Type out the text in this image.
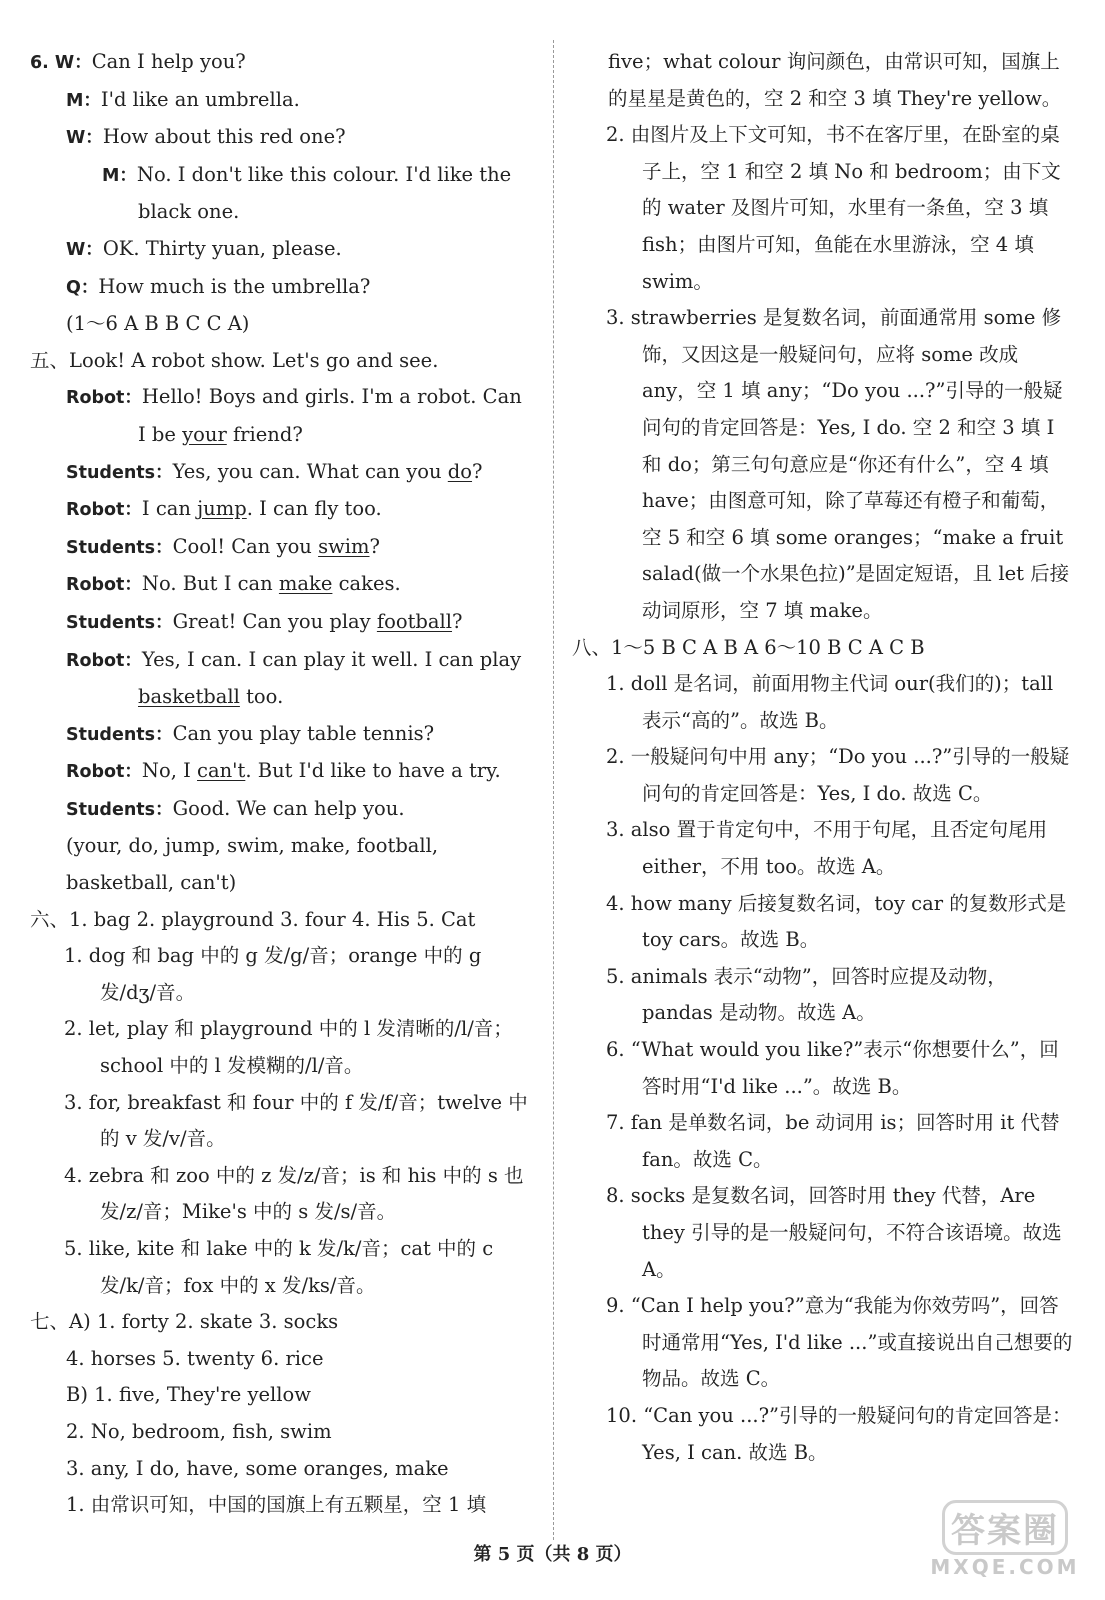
6. W：Can I help you?
M：I'd like an umbrella.
W：How about this red one?
M：No. I don't like this colour. I'd like the black one.
W：OK. Thirty yuan, please.
Q：How much is the umbrella?
(1～6 A B B C C A)
五、Look! A robot show. Let's go and see.
Robot：Hello! Boys and girls. I'm a robot. Can I be your friend?
Students：Yes, you can. What can you do?
Robot：I can jump. I can fly too.
Students：Cool! Can you swim?
Robot：No. But I can make cakes.
Students：Great! Can you play football?
Robot：Yes, I can. I can play it well. I can play basketball too.
Students：Can you play table tennis?
Robot：No, I can't. But I'd like to have a try.
Students：Good. We can help you.
(your, do, jump, swim, make, football, basketball, can't)
六、1. bag 2. playground 3. four 4. His 5. Cat
1. dog 和 bag 中的 g 发/g/音；orange 中的 g 发/dʒ/音。
2. let, play 和 playground 中的 l 发清晰的/l/音；school 中的 l 发模糊的/l/音。
3. for, breakfast 和 four 中的 f 发/f/音；twelve 中的 v 发/v/音。
4. zebra 和 zoo 中的 z 发/z/音；is 和 his 中的 s 也发/z/音；Mike's 中的 s 发/s/音。
5. like, kite 和 lake 中的 k 发/k/音；cat 中的 c 发/k/音；fox 中的 x 发/ks/音。
七、A) 1. forty 2. skate 3. socks
4. horses 5. twenty 6. rice
B) 1. five, They're yellow
2. No, bedroom, fish, swim
3. any, I do, have, some oranges, make
1. 由常识可知，中国的国旗上有五颗星，空 1 填
five；what colour 询问颜色，由常识可知，国旗上的星星是黄色的，空 2 和空 3 填 They're yellow。
2. 由图片及上下文可知，书不在客厅里，在卧室的桌子上，空 1 和空 2 填 No 和 bedroom；由下文的 water 及图片可知，水里有一条鱼，空 3 填 fish；由图片可知，鱼能在水里游泳，空 4 填 swim。
3. strawberries 是复数名词，前面通常用 some 修饰，又因这是一般疑问句，应将 some 改成 any，空 1 填 any；“Do you ...?”引导的一般疑问句的肯定回答是：Yes, I do. 空 2 和空 3 填 I 和 do；第三句句意应是“你还有什么”，空 4 填 have；由图意可知，除了草莓还有橙子和葡萄，空 5 和空 6 填 some oranges；“make a fruit salad(做一个水果色拉)”是固定短语，且 let 后接动词原形，空 7 填 make。
八、1～5 B C A B A 6～10 B C A C B
1. doll 是名词，前面用物主代词 our(我们的)；tall 表示“高的”。故选 B。
2. 一般疑问句中用 any；“Do you ...?”引导的一般疑问句的肯定回答是：Yes, I do. 故选 C。
3. also 置于肯定句中，不用于句尾，且否定句尾用 either，不用 too。故选 A。
4. how many 后接复数名词，toy car 的复数形式是 toy cars。故选 B。
5. animals 表示“动物”，回答时应提及动物，pandas 是动物。故选 A。
6. “What would you like?”表示“你想要什么”，回答时用“I'd like ...”。故选 B。
7. fan 是单数名词，be 动词用 is；回答时用 it 代替 fan。故选 C。
8. socks 是复数名词，回答时用 they 代替，Are they 引导的是一般疑问句，不符合该语境。故选 A。
9. “Can I help you?”意为“我能为你效劳吗”，回答时通常用“Yes, I'd like ...”或直接说出自己想要的物品。故选 C。
10. “Can you ...?”引导的一般疑问句的肯定回答是：Yes, I can. 故选 B。
第 5 页（共 8 页）
答案圈
MXQE.COM
